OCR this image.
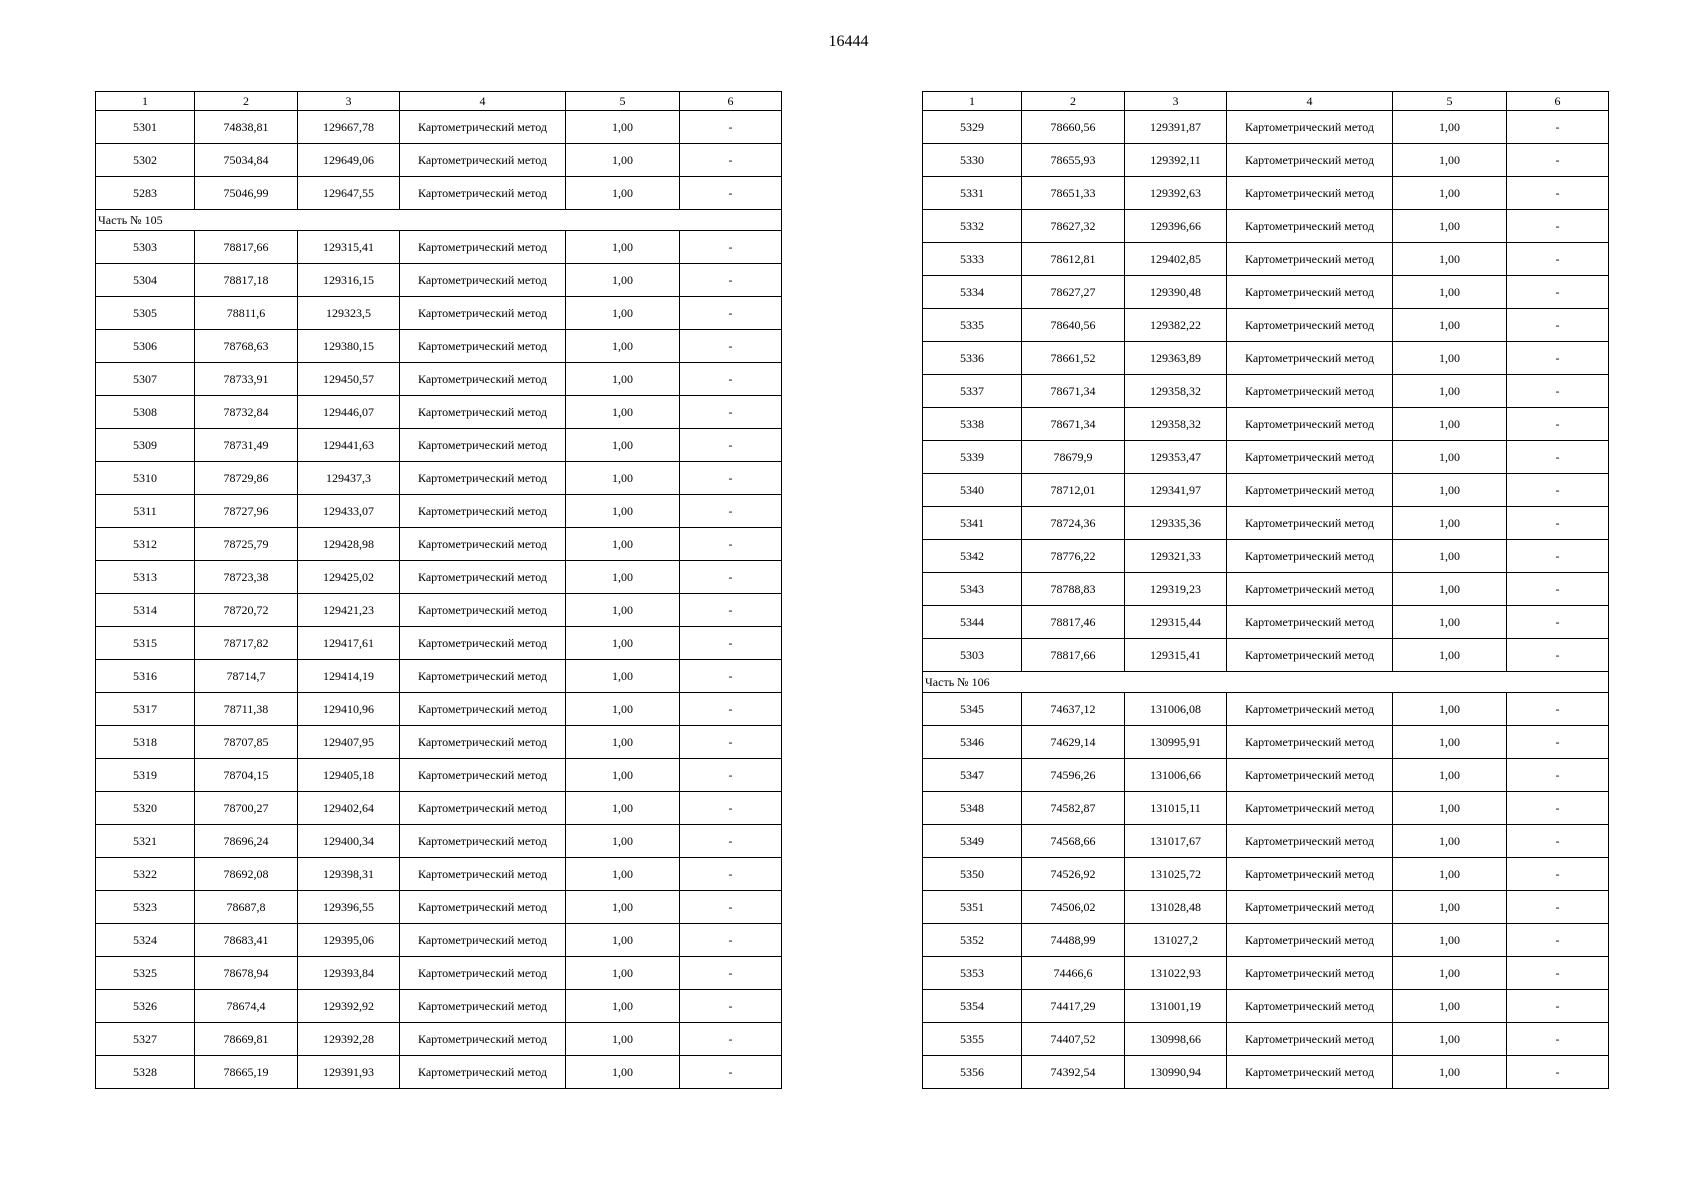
16444
1	2	3	4	5	6
5301	74838,81	129667,78	Картометрический метод	1,00	-
5302	75034,84	129649,06	Картометрический метод	1,00	-
5283	75046,99	129647,55	Картометрический метод	1,00	-
Часть № 105					
5303	78817,66	129315,41	Картометрический метод	1,00	-
5304	78817,18	129316,15	Картометрический метод	1,00	-
5305	78811,6	129323,5	Картометрический метод	1,00	-
5306	78768,63	129380,15	Картометрический метод	1,00	-
5307	78733,91	129450,57	Картометрический метод	1,00	-
5308	78732,84	129446,07	Картометрический метод	1,00	-
5309	78731,49	129441,63	Картометрический метод	1,00	-
5310	78729,86	129437,3	Картометрический метод	1,00	-
5311	78727,96	129433,07	Картометрический метод	1,00	-
5312	78725,79	129428,98	Картометрический метод	1,00	-
5313	78723,38	129425,02	Картометрический метод	1,00	-
5314	78720,72	129421,23	Картометрический метод	1,00	-
5315	78717,82	129417,61	Картометрический метод	1,00	-
5316	78714,7	129414,19	Картометрический метод	1,00	-
5317	78711,38	129410,96	Картометрический метод	1,00	-
5318	78707,85	129407,95	Картометрический метод	1,00	-
5319	78704,15	129405,18	Картометрический метод	1,00	-
5320	78700,27	129402,64	Картометрический метод	1,00	-
5321	78696,24	129400,34	Картометрический метод	1,00	-
5322	78692,08	129398,31	Картометрический метод	1,00	-
5323	78687,8	129396,55	Картометрический метод	1,00	-
5324	78683,41	129395,06	Картометрический метод	1,00	-
5325	78678,94	129393,84	Картометрический метод	1,00	-
5326	78674,4	129392,92	Картометрический метод	1,00	-
5327	78669,81	129392,28	Картометрический метод	1,00	-
5328	78665,19	129391,93	Картометрический метод	1,00	-
1	2	3	4	5	6
5329	78660,56	129391,87	Картометрический метод	1,00	-
5330	78655,93	129392,11	Картометрический метод	1,00	-
5331	78651,33	129392,63	Картометрический метод	1,00	-
5332	78627,32	129396,66	Картометрический метод	1,00	-
5333	78612,81	129402,85	Картометрический метод	1,00	-
5334	78627,27	129390,48	Картометрический метод	1,00	-
5335	78640,56	129382,22	Картометрический метод	1,00	-
5336	78661,52	129363,89	Картометрический метод	1,00	-
5337	78671,34	129358,32	Картометрический метод	1,00	-
5338	78671,34	129358,32	Картометрический метод	1,00	-
5339	78679,9	129353,47	Картометрический метод	1,00	-
5340	78712,01	129341,97	Картометрический метод	1,00	-
5341	78724,36	129335,36	Картометрический метод	1,00	-
5342	78776,22	129321,33	Картометрический метод	1,00	-
5343	78788,83	129319,23	Картометрический метод	1,00	-
5344	78817,46	129315,44	Картометрический метод	1,00	-
5303	78817,66	129315,41	Картометрический метод	1,00	-
Часть № 106					
5345	74637,12	131006,08	Картометрический метод	1,00	-
5346	74629,14	130995,91	Картометрический метод	1,00	-
5347	74596,26	131006,66	Картометрический метод	1,00	-
5348	74582,87	131015,11	Картометрический метод	1,00	-
5349	74568,66	131017,67	Картометрический метод	1,00	-
5350	74526,92	131025,72	Картометрический метод	1,00	-
5351	74506,02	131028,48	Картометрический метод	1,00	-
5352	74488,99	131027,2	Картометрический метод	1,00	-
5353	74466,6	131022,93	Картометрический метод	1,00	-
5354	74417,29	131001,19	Картометрический метод	1,00	-
5355	74407,52	130998,66	Картометрический метод	1,00	-
5356	74392,54	130990,94	Картометрический метод	1,00	-
